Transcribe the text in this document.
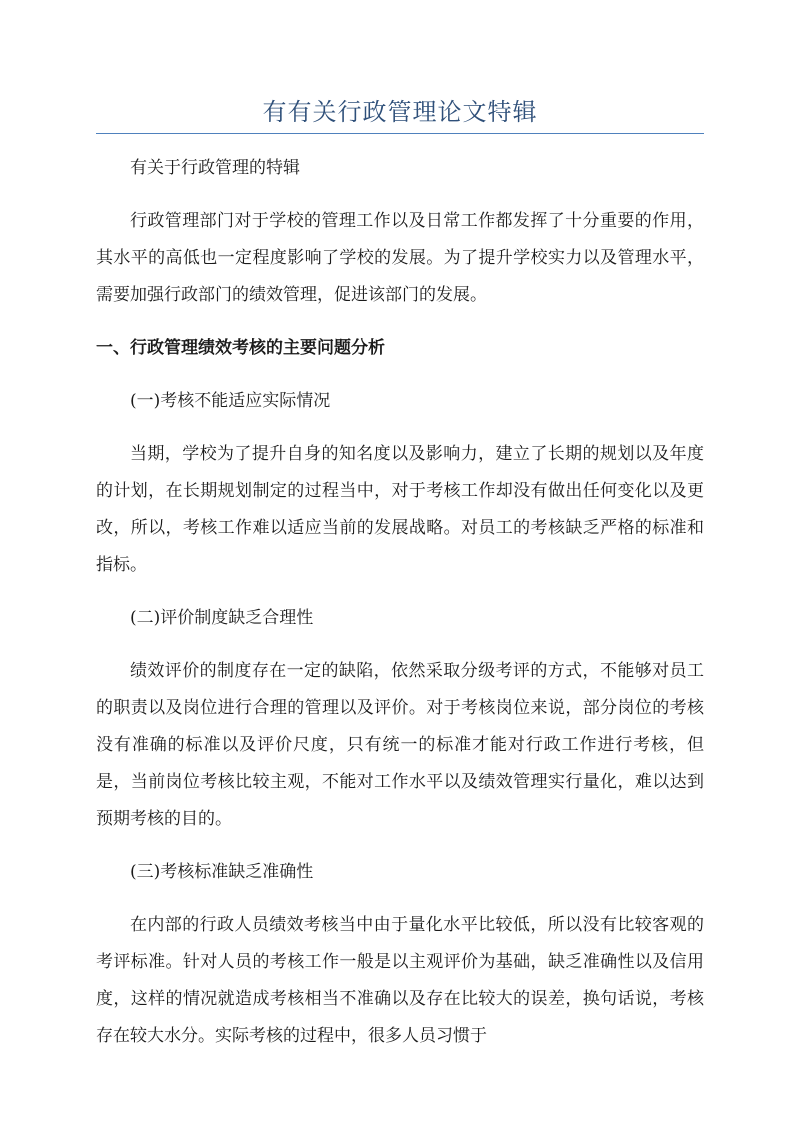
有有关行政管理论文特辑

有关于行政管理的特辑

行政管理部门对于学校的管理工作以及日常工作都发挥了十分重要的作用，其水平的高低也一定程度影响了学校的发展。为了提升学校实力以及管理水平，需要加强行政部门的绩效管理，促进该部门的发展。

一、行政管理绩效考核的主要问题分析

(一)考核不能适应实际情况

当期，学校为了提升自身的知名度以及影响力，建立了长期的规划以及年度的计划，在长期规划制定的过程当中，对于考核工作却没有做出任何变化以及更改，所以，考核工作难以适应当前的发展战略。对员工的考核缺乏严格的标准和指标。

(二)评价制度缺乏合理性

绩效评价的制度存在一定的缺陷，依然采取分级考评的方式，不能够对员工的职责以及岗位进行合理的管理以及评价。对于考核岗位来说，部分岗位的考核没有准确的标准以及评价尺度，只有统一的标准才能对行政工作进行考核，但是，当前岗位考核比较主观，不能对工作水平以及绩效管理实行量化，难以达到预期考核的目的。

(三)考核标准缺乏准确性

在内部的行政人员绩效考核当中由于量化水平比较低，所以没有比较客观的考评标准。针对人员的考核工作一般是以主观评价为基础，缺乏准确性以及信用度，这样的情况就造成考核相当不准确以及存在比较大的误差，换句话说，考核存在较大水分。实际考核的过程中，很多人员习惯于
